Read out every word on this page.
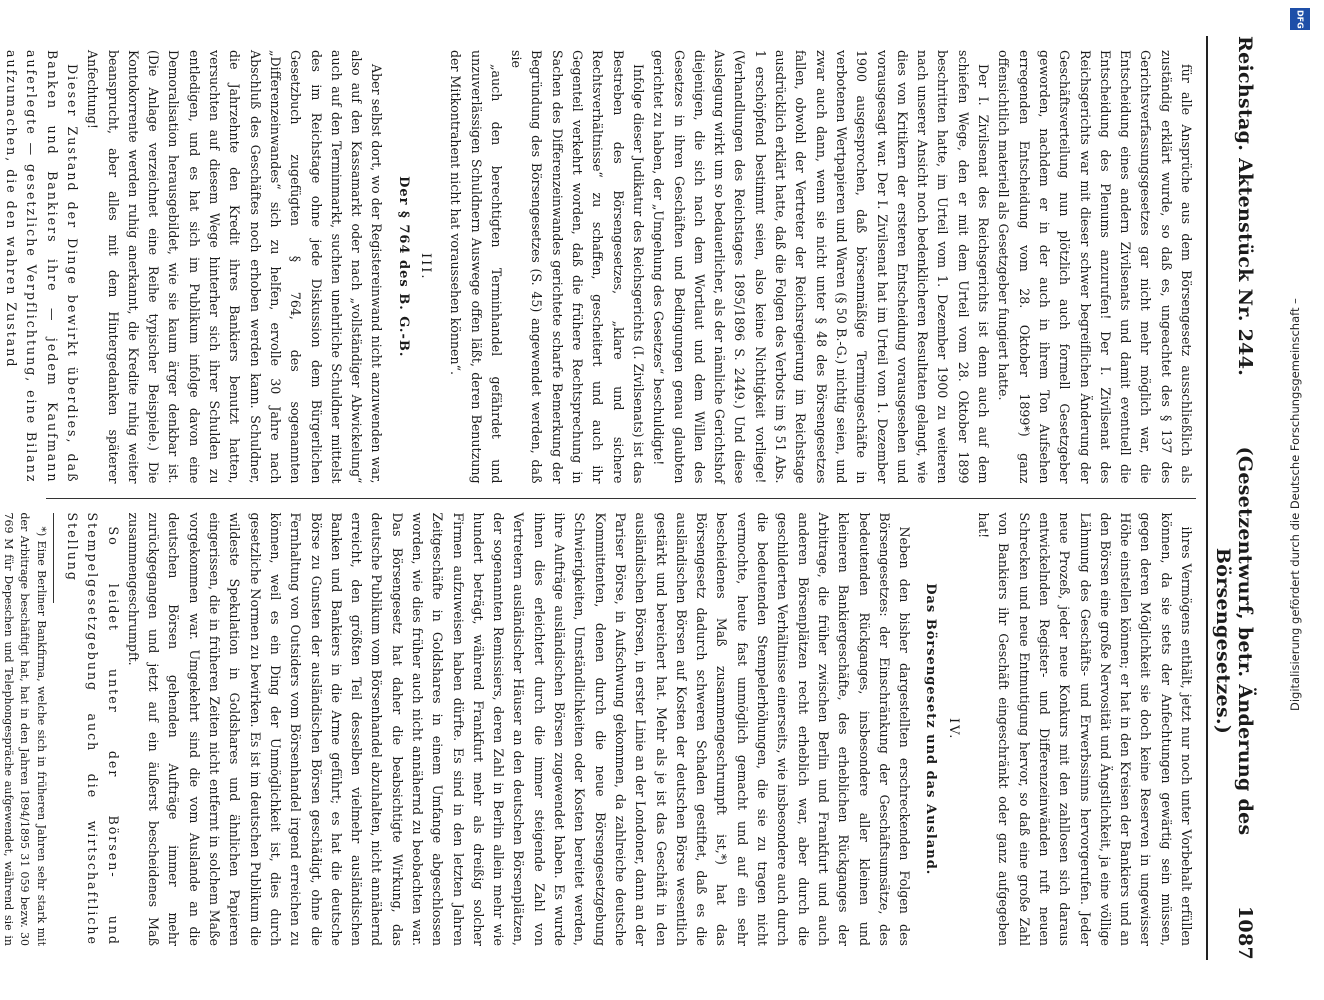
Reichstag. Aktenstück Nr. 244.
(Gesetzentwurf, betr. Änderung des Börsengesetzes.)
1087

für alle Ansprüche aus dem Börsengesetz ausschließlich als zuständig erklärt wurde, so daß es, ungeachtet des § 137 des Gerichtsverfassungsgesetzes gar nicht mehr möglich war, die Entscheidung eines andern Zivilsenats und damit eventuell die Entscheidung des Plenums anzurufen! Der I. Zivilsenat des Reichsgerichts war mit dieser schwer begreiflichen Änderung der Geschäftsverteilung nun plötzlich auch formell Gesetzgeber geworden, nachdem er in der auch in ihrem Ton Aufsehen erregenden Entscheidung vom 28. Oktober 1899*) ganz offensichtlich materiell als Gesetzgeber fungiert hatte.

Der I. Zivilsenat des Reichsgerichts ist denn auch auf dem schiefen Wege, den er mit dem Urteil vom 28. Oktober 1899 beschritten hatte, im Urteil vom 1. Dezember 1900 zu weiteren nach unserer Ansicht noch bedenklicheren Resultaten gelangt, wie dies von Kritikern der ersteren Entscheidung vorausgesehen und vorausgesagt war. Der I. Zivilsenat hat im Urteil vom 1. Dezember 1900 ausgesprochen, daß börsenmäßige Termingeschäfte in verbotenen Wertpapieren und Waren (§ 50 B.-G.) nichtig seien, und zwar auch dann, wenn sie nicht unter § 48 des Börsengesetzes fallen, obwohl der Vertreter der Reichsregierung im Reichstage ausdrücklich erklärt hatte, daß die Folgen des Verbots im § 51 Abs. 1 erschöpfend bestimmt seien, also keine Nichtigkeit vorliege! (Verhandlungen des Reichstages 1895/1896 S. 2449.) Und diese Auslegung wirkt um so bedauerlicher, als der nämliche Gerichtshof diejenigen, die sich nach dem Wortlaut und dem Willen des Gesetzes in ihren Geschäften und Bedingungen genau glaubten gerichtet zu haben, der „Umgehung des Gesetzes“ beschuldigte!

Infolge dieser Judikatur des Reichsgerichts (I. Zivilsenats) ist das Bestreben des Börsengesetzes, „klare und sichere Rechtsverhältnisse“ zu schaffen, gescheitert und auch ihr Gegenteil verkehrt worden, daß die frühere Rechtsprechung in Sachen des Differenzeinwandes gerichtete scharfe Bemerkung der Begründung des Börsengesetzes (S. 45) angewendet werden, daß sie

„auch den berechtigten Terminhandel gefährdet und unzuverlässigen Schuldnern Auswege offen läßt, deren Benutzung der Mitkontrahent nicht hat voraussehen können“.

III.
Der § 764 des B. G.-B.

Aber selbst dort, wo der Registereinwand nicht anzuwenden war, also auf den Kassamarkt oder nach „vollständiger Abwickelung“ auch auf den Terminmarkt, suchten unehrliche Schuldner mittelst des im Reichstage ohne jede Diskussion dem Bürgerlichen Gesetzbuch zugefügten § 764, des sogenannten „Differenzeinwandes“ sich zu helfen, ervolle 30 Jahre nach Abschluß des Geschäftes noch erhoben werden kann. Schuldner, die Jahrzehnte den Kredit ihres Bankiers benutzt hatten, versuchten auf diesem Wege hinterher sich ihrer Schulden zu entledigen, und es hat sich im Publikum infolge davon eine Demoralisation herausgebildet, wie sie kaum ärger denkbar ist. (Die Anlage verzeichnet eine Reihe typischer Beispiele.) Die Kontokorrente werden ruhig anerkannt, die Kredite ruhig weiter beansprucht, aber alles mit dem Hintergedanken späterer Anfechtung!

Dieser Zustand der Dinge bewirkt überdies, daß Banken und Bankiers ihre — jedem Kaufmann auferlegte — gesetzliche Verpflichtung, eine Bilanz aufzumachen, die den wahren Zustand

ihres Vermögens enthält, jetzt nur noch unter Vorbehalt erfüllen können, da sie stets der Anfechtungen gewärtig sein müssen, gegen deren Möglichkeit sie doch keine Reserven in ungewisser Höhe einstellen können; er hat in den Kreisen der Bankiers und an den Börsen eine große Nervosität und Ängstlichkeit, ja eine völlige Lähmung des Geschäfts- und Erwerbssinns hervorgerufen. Jeder neue Prozeß, jeder neue Konkurs mit den zahllosen sich daraus entwickelnden Register- und Differenzeinwänden ruft neuen Schrecken und neue Entmutigung hervor, so daß eine große Zahl von Bankiers ihr Geschäft eingeschränkt oder ganz aufgegeben hat!

IV.
Das Börsengesetz und das Ausland.

Neben den bisher dargestellten erschreckenden Folgen des Börsengesetzes: der Einschränkung der Geschäftsumsätze, des bedeutenden Rückganges, insbesondere aller kleinen und kleineren Bankiergeschäfte, des erheblichen Rückganges der Arbitrage, die früher zwischen Berlin und Frankfurt und auch anderen Börsenplätzen recht erheblich war, aber durch die geschilderten Verhältnisse einerseits, wie insbesondere auch durch die bedeutenden Stempelerhöhungen, die sie zu tragen nicht vermochte, heute fast unmöglich gemacht und auf ein sehr bescheidenes Maß zusammengeschrumpft ist,*) hat das Börsengesetz dadurch schweren Schaden gestiftet, daß es die ausländischen Börsen auf Kosten der deutschen Börse wesentlich gestärkt und bereichert hat. Mehr als je ist das Geschäft in den ausländischen Börsen, in erster Linie an der Londoner, dann an der Pariser Börse, in Aufschwung gekommen, da zahlreiche deutsche Kommittenten, denen durch die neue Börsengesetzgebung Schwierigkeiten, Umständlichkeiten oder Kosten bereitet werden, ihre Aufträge ausländischen Börsen zugewendet haben. Es wurde ihnen dies erleichtert durch die immer steigende Zahl von Vertretern ausländischer Häuser an den deutschen Börsenplätzen, der sogenannten Remissiers, deren Zahl in Berlin allein mehr wie hundert beträgt, während Frankfurt mehr als dreißig solcher Firmen aufzuweisen haben dürfte. Es sind in den letzten Jahren Zeitgeschäfte in Goldshares in einem Umfange abgeschlossen worden, wie dies früher auch nicht annähernd zu beobachten war. Das Börsengesetz hat daher die beabsichtigte Wirkung, das deutsche Publikum vom Börsenhandel abzuhalten, nicht annähernd erreicht, den größten Teil desselben vielmehr ausländischen Banken und Bankiers in die Arme geführt; es hat die deutsche Börse zu Gunsten der ausländischen Börsen geschädigt, ohne die Fernhaltung von Outsiders vom Börsenhandel irgend erreichen zu können, weil es ein Ding der Unmöglichkeit ist, dies durch gesetzliche Normen zu bewirken. Es ist im deutschen Publikum die wildeste Spekulation in Goldshares und ähnlichen Papieren eingerissen, die in früheren Zeiten nicht entfernt in solchem Maße vorgekommen war. Umgekehrt sind die vom Auslande an die deutschen Börsen gehenden Aufträge immer mehr zurückgegangen und jetzt auf ein äußerst bescheidenes Maß zusammengeschrumpft.

So leidet unter der Börsen- und Stempelgesetzgebung auch die wirtschaftliche Stellung

*) Eine Berliner Bankfirma, welche sich in früheren Jahren sehr stark mit der Arbitrage beschäftigt hat, hat in den Jahren 1894/1895 31 059 bezw. 30 769 M für Depeschen und Telephongespräche aufgewendet, während sie in

DFG
Digitalisierung gefördert durch die Deutsche Forschungsgemeinschaft –
